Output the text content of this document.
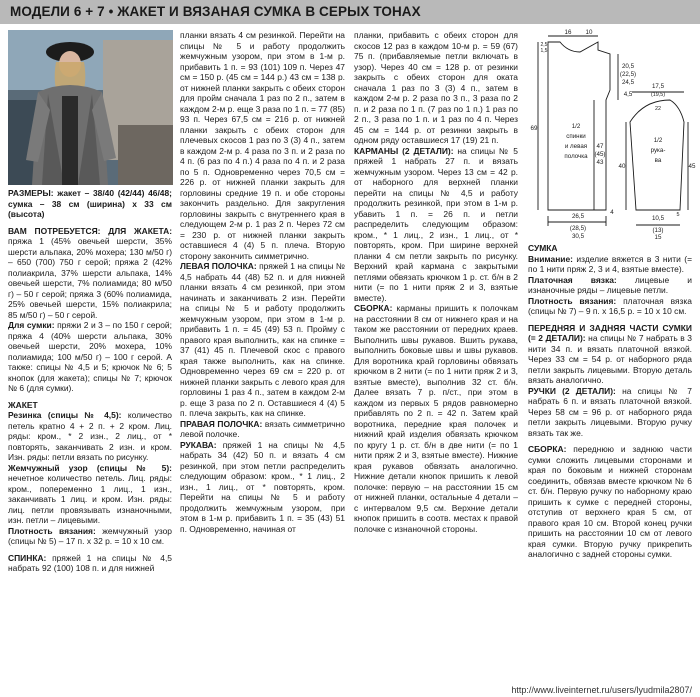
МОДЕЛИ 6 + 7 • ЖАКЕТ И ВЯЗАНАЯ СУМКА В СЕРЫХ ТОНАХ

РАЗМЕРЫ: жакет – 38/40 (42/44) 46/48; сумка – 38 см (ширина) х 33 см (высота)

ВАМ ПОТРЕБУЕТСЯ: ДЛЯ ЖАКЕТА: пряжа 1 (45% овечьей шерсти, 35% шерсти альпака, 20% мохера; 130 м/50 г) – 650 (700) 750 г серой; пряжа 2 (42% полиакрила, 37% шерсти альпака, 14% овечьей шерсти, 7% полиамида; 80 м/50 г) – 50 г серой; пряжа 3 (60% полиамида, 25% овечьей шерсти, 15% полиакрила; 85 м/50 г) – 50 г серой.

Для сумки: пряжи 2 и 3 – по 150 г серой; пряжа 4 (40% шерсти альпака, 30% овечьей шерсти, 20% мохера, 10% полиамида; 100 м/50 г) – 100 г серой. А также: спицы № 4,5 и 5; крючок № 6; 5 кнопок (для жакета); спицы № 7; крючок № 6 (для сумки).

ЖАКЕТ

Резинка (спицы № 4,5): количество петель кратно 4 + 2 п. + 2 кром. Лиц. ряды: кром., * 2 изн., 2 лиц., от * повторять, заканчивать 2 изн. и кром. Изн. ряды: петли вязать по рисунку.

Жемчужный узор (спицы № 5): нечетное количество петель. Лиц. ряды: кром., попеременно 1 лиц., 1 изн., заканчивать 1 лиц. и кром. Изн. ряды: лиц. петли провязывать изнаночными, изн. петли – лицевыми.

Плотность вязания: жемчужный узор (спицы № 5) – 17 п. х 32 р. = 10 х 10 см.

СПИНКА: пряжей 1 на спицы № 4,5 набрать 92 (100) 108 п. и для нижней

планки вязать 4 см резинкой. Перейти на спицы № 5 и работу продолжить жемчужным узором, при этом в 1-м р. прибавить 1 п. = 93 (101) 109 п. Через 47 см = 150 р. (45 см = 144 р.) 43 см = 138 р. от нижней планки закрыть с обеих сторон для пройм сначала 1 раз по 2 п., затем в каждом 2-м р. еще 3 раза по 1 п. = 77 (85) 93 п. Через 67,5 см = 216 р. от нижней планки закрыть с обеих сторон для плечевых скосов 1 раз по 3 (3) 4 п., затем в каждом 2-м р. 4 раза по 3 п. и 2 раза по 4 п. (6 раз по 4 п.) 4 раза по 4 п. и 2 раза по 5 п. Одновременно через 70,5 см = 226 р. от нижней планки закрыть для горловины средние 19 п. и обе стороны закончить раздельно. Для закругления горловины закрыть с внутреннего края в следующем 2-м р. 1 раз 2 п. Через 72 см = 230 р. от нижней планки закрыть оставшиеся 4 (4) 5 п. плеча. Вторую сторону закончить симметрично.

ЛЕВАЯ ПОЛОЧКА: пряжей 1 на спицы № 4,5 набрать 44 (48) 52 п. и для нижней планки вязать 4 см резинкой, при этом начинать и заканчивать 2 изн. Перейти на спицы № 5 и работу продолжить жемчужным узором, при этом в 1-м р. прибавить 1 п. = 45 (49) 53 п. Пройму с правого края выполнить, как на спинке = 37 (41) 45 п. Плечевой скос с правого края также выполнить, как на спинке. Одновременно через 69 см = 220 р. от нижней планки закрыть с левого края для горловины 1 раз 4 п., затем в каждом 2-м р. еще 3 раза по 2 п. Оставшиеся 4 (4) 5 п. плеча закрыть, как на спинке.

ПРАВАЯ ПОЛОЧКА: вязать симметрично левой полочке.

РУКАВА: пряжей 1 на спицы № 4,5 набрать 34 (42) 50 п. и вязать 4 см резинкой, при этом петли распределить следующим образом: кром., * 1 лиц., 2 изн., 1 лиц., от * повторять, кром. Перейти на спицы № 5 и работу продолжить жемчужным узором, при этом в 1-м р. прибавить 1 п. = 35 (43) 51 п. Одновременно, начиная от

планки, прибавить с обеих сторон для скосов 12 раз в каждом 10-м р. = 59 (67) 75 п. (прибавляемые петли включать в узор). Через 40 см = 128 р. от резинки закрыть с обеих сторон для оката сначала 1 раз по 3 (3) 4 п., затем в каждом 2-м р. 2 раза по 3 п., 3 раза по 2 п. и 2 раза по 1 п. (7 раз по 1 п.) 1 раз по 2 п., 3 раза по 1 п. и 1 раз по 4 п. Через 45 см = 144 р. от резинки закрыть в одном ряду оставшиеся 17 (19) 21 п.

КАРМАНЫ (2 ДЕТАЛИ): на спицы № 5 пряжей 1 набрать 27 п. и вязать жемчужным узором. Через 13 см = 42 р. от наборного для верхней планки перейти на спицы № 4,5 и работу продолжить резинкой, при этом в 1-м р. убавить 1 п. = 26 п. и петли распределить следующим образом: кром., * 1 лиц., 2 изн., 1 лиц., от * повторять, кром. При ширине верхней планки 4 см петли закрыть по рисунку. Верхний край кармана с закрытыми петлями обвязать крючком 1 р. ст. б/н в 2 нити (= по 1 нити пряж 2 и 3, взятые вместе).

СБОРКА: карманы пришить к полочкам на расстоянии 8 см от нижнего края и на таком же расстоянии от передних краев. Выполнить швы рукавов. Вшить рукава, выполнить боковые швы и швы рукавов. Для воротника край горловины обвязать крючком в 2 нити (= по 1 нити пряж 2 и 3, взятые вместе), выполнив 32 ст. б/н. Далее вязать 7 р. п/ст., при этом в каждом из первых 5 рядов равномерно прибавлять по 2 п. = 42 п. Затем край воротника, передние края полочек и нижний край изделия обвязать крючком по кругу 1 р. ст. б/н в две нити (= по 1 нити пряж 2 и 3, взятые вместе). Нижние края рукавов обвязать аналогично. Нижние детали кнопок пришить к левой полочке: первую – на расстоянии 15 см от нижней планки, остальные 4 детали – с интервалом 9,5 см. Верхние детали кнопок пришить в соотв. местах к правой полочке с изнаночной стороны.

16 10
2,5
1,5
20,5
(22,5)
24,5
4,5
69	1/2
спинки
и левая
полочка
47
(45)
43
26,5
(28,5)
30,5
4
17,5
(19,5)
22
1/2
рука-
ва
40	45
5
10,5
(13)
15

СУМКА

Внимание: изделие вяжется в 3 нити (= по 1 нити пряж 2, 3 и 4, взятые вместе).

Платочная вязка: лицевые и изнаночные ряды – лицевые петли.

Плотность вязания: платочная вязка (спицы № 7) – 9 п. х 16,5 р. = 10 х 10 см.

ПЕРЕДНЯЯ И ЗАДНЯЯ ЧАСТИ СУМКИ (= 2 ДЕТАЛИ): на спицы № 7 набрать в 3 нити 34 п. и вязать платочной вязкой. Через 33 см = 54 р. от наборного ряда петли закрыть лицевыми. Вторую деталь вязать аналогично.

РУЧКИ (2 ДЕТАЛИ): на спицы № 7 набрать 6 п. и вязать платочной вязкой. Через 58 см = 96 р. от наборного ряда петли закрыть лицевыми. Вторую ручку вязать так же.

СБОРКА: переднюю и заднюю части сумки сложить лицевыми сторонами и края по боковым и нижней сторонам соединить, обвязав вместе крючком № 6 ст. б/н. Первую ручку по наборному краю пришить к сумке с передней стороны, отступив от верхнего края 5 см, от правого края 10 см. Второй конец ручки пришить на расстоянии 10 см от левого края сумки. Вторую ручку прикрепить аналогично с задней стороны сумки.

http://www.liveinternet.ru/users/lyudmila2807/
